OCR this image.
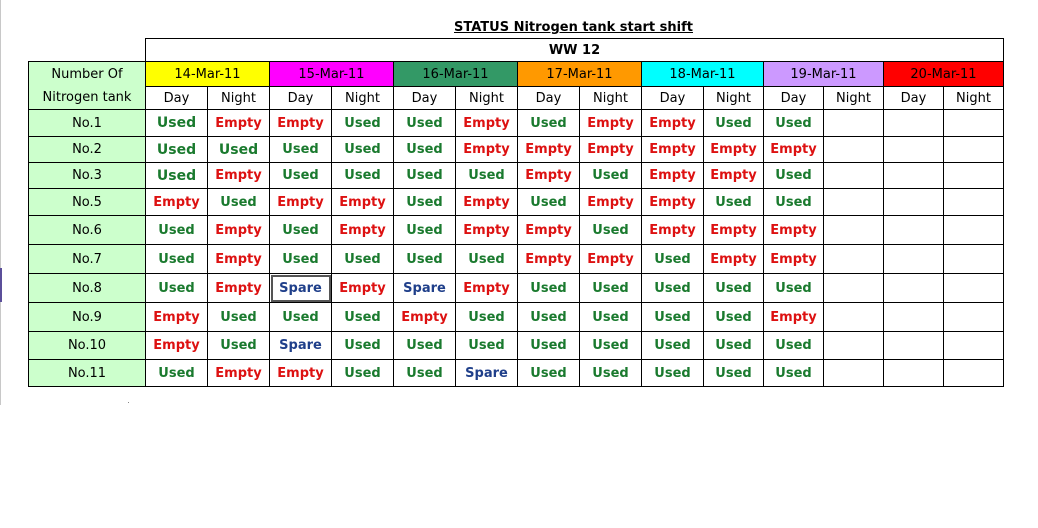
STATUS Nitrogen tank start shift
	WW 12													
Number Of	14-Mar-11		15-Mar-11		16-Mar-11		17-Mar-11		18-Mar-11		19-Mar-11		20-Mar-11	
Nitrogen tank	Day	Night	Day	Night	Day	Night	Day	Night	Day	Night	Day	Night	Day	Night
No.1	Used	Empty	Empty	Used	Used	Empty	Used	Empty	Empty	Used	Used			
No.2	Used	Used	Used	Used	Used	Empty	Empty	Empty	Empty	Empty	Empty			
No.3	Used	Empty	Used	Used	Used	Used	Empty	Used	Empty	Empty	Used			
No.5	Empty	Used	Empty	Empty	Used	Empty	Used	Empty	Empty	Used	Used			
No.6	Used	Empty	Used	Empty	Used	Empty	Empty	Used	Empty	Empty	Empty			
No.7	Used	Empty	Used	Used	Used	Used	Empty	Empty	Used	Empty	Empty			
No.8	Used	Empty	Spare	Empty	Spare	Empty	Used	Used	Used	Used	Used			
No.9	Empty	Used	Used	Used	Empty	Used	Used	Used	Used	Used	Empty			
No.10	Empty	Used	Spare	Used	Used	Used	Used	Used	Used	Used	Used			
No.11	Used	Empty	Empty	Used	Used	Spare	Used	Used	Used	Used	Used			
